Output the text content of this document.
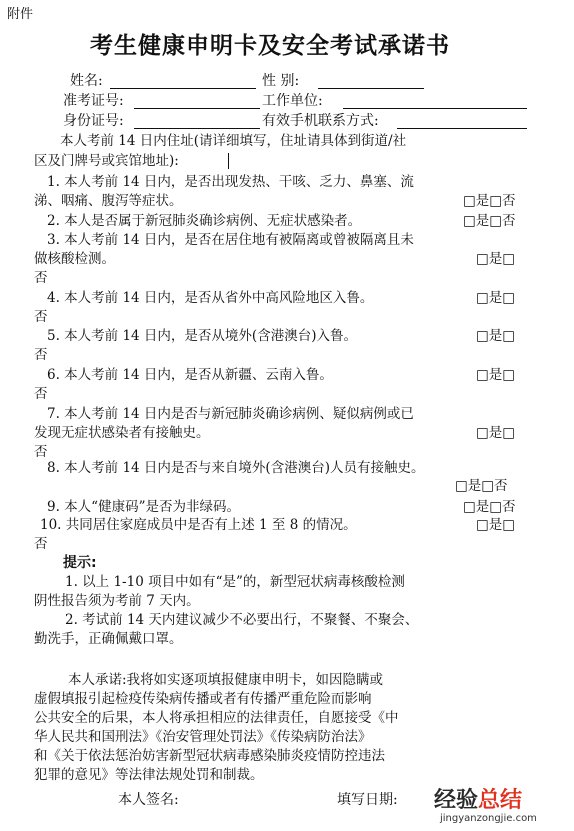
附件
考生健康申明卡及安全考试承诺书
姓名:	性 别:
准考证号:	工作单位:
身份证号:	有效手机联系方式:
本人考前 14 日内住址(请详细填写，住址请具体到街道/社
区及门牌号或宾馆地址):
1. 本人考前 14 日内，是否出现发热、干咳、乏力、鼻塞、流
涕、咽痛、腹泻等症状。	□是□否
2. 本人是否属于新冠肺炎确诊病例、无症状感染者。	□是□否
3. 本人考前 14 日内，是否在居住地有被隔离或曾被隔离且未
做核酸检测。	□是□
否
4. 本人考前 14 日内，是否从省外中高风险地区入鲁。	□是□
否
5. 本人考前 14 日内，是否从境外(含港澳台)入鲁。	□是□
否
6. 本人考前 14 日内，是否从新疆、云南入鲁。	□是□
否
7. 本人考前 14 日内是否与新冠肺炎确诊病例、疑似病例或已
发现无症状感染者有接触史。	□是□
否
8. 本人考前 14 日内是否与来自境外(含港澳台)人员有接触史。
□是□否
9. 本人“健康码”是否为非绿码。	□是□否
10. 共同居住家庭成员中是否有上述 1 至 8 的情况。	□是□
否
提示:
1. 以上 1-10 项目中如有“是”的，新型冠状病毒核酸检测
阴性报告须为考前 7 天内。
2. 考试前 14 天内建议减少不必要出行，不聚餐、不聚会、
勤洗手，正确佩戴口罩。
本人承诺:我将如实逐项填报健康申明卡，如因隐瞒或
虚假填报引起检疫传染病传播或者有传播严重危险而影响
公共安全的后果，本人将承担相应的法律责任，自愿接受《中
华人民共和国刑法》《治安管理处罚法》《传染病防治法》
和《关于依法惩治妨害新型冠状病毒感染肺炎疫情防控违法
犯罪的意见》等法律法规处罚和制裁。
本人签名:	填写日期: 经验总结
jingyanzongjie.com
